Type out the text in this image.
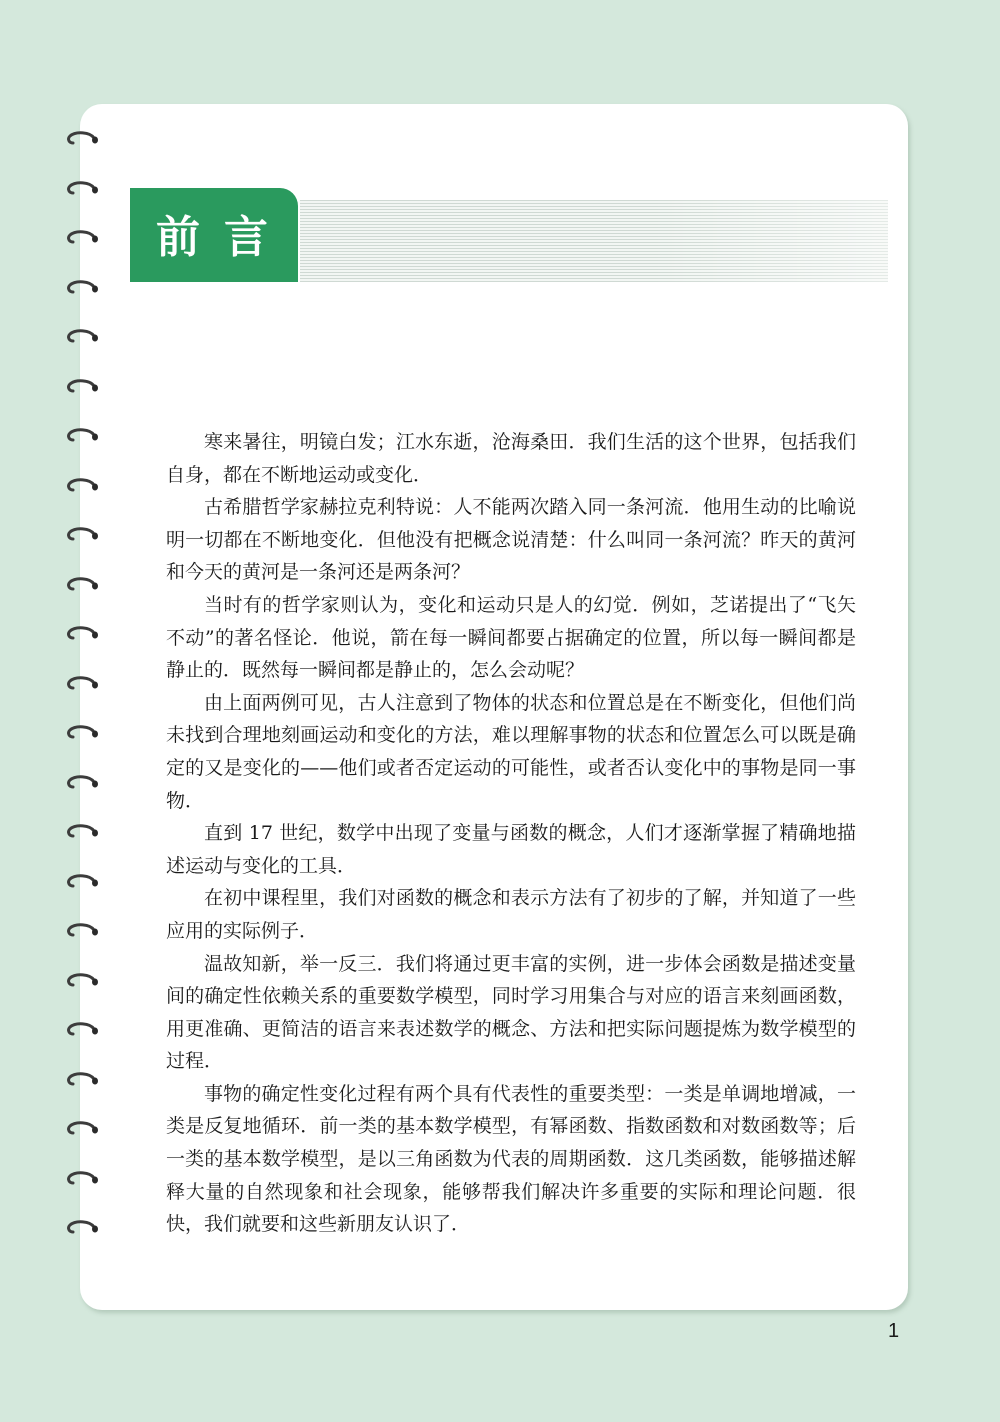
前言

寒来暑往，明镜白发；江水东逝，沧海桑田．我们生活的这个世界，包括我们自身，都在不断地运动或变化．

古希腊哲学家赫拉克利特说：人不能两次踏入同一条河流．他用生动的比喻说明一切都在不断地变化．但他没有把概念说清楚：什么叫同一条河流？昨天的黄河和今天的黄河是一条河还是两条河？

当时有的哲学家则认为，变化和运动只是人的幻觉．例如，芝诺提出了“飞矢不动”的著名怪论．他说，箭在每一瞬间都要占据确定的位置，所以每一瞬间都是静止的．既然每一瞬间都是静止的，怎么会动呢？

由上面两例可见，古人注意到了物体的状态和位置总是在不断变化，但他们尚未找到合理地刻画运动和变化的方法，难以理解事物的状态和位置怎么可以既是确定的又是变化的——他们或者否定运动的可能性，或者否认变化中的事物是同一事物．

直到 17 世纪，数学中出现了变量与函数的概念，人们才逐渐掌握了精确地描述运动与变化的工具．

在初中课程里，我们对函数的概念和表示方法有了初步的了解，并知道了一些应用的实际例子．

温故知新，举一反三．我们将通过更丰富的实例，进一步体会函数是描述变量间的确定性依赖关系的重要数学模型，同时学习用集合与对应的语言来刻画函数，用更准确、更简洁的语言来表述数学的概念、方法和把实际问题提炼为数学模型的过程．

事物的确定性变化过程有两个具有代表性的重要类型：一类是单调地增减，一类是反复地循环．前一类的基本数学模型，有幂函数、指数函数和对数函数等；后一类的基本数学模型，是以三角函数为代表的周期函数．这几类函数，能够描述解释大量的自然现象和社会现象，能够帮我们解决许多重要的实际和理论问题．很快，我们就要和这些新朋友认识了．

1
